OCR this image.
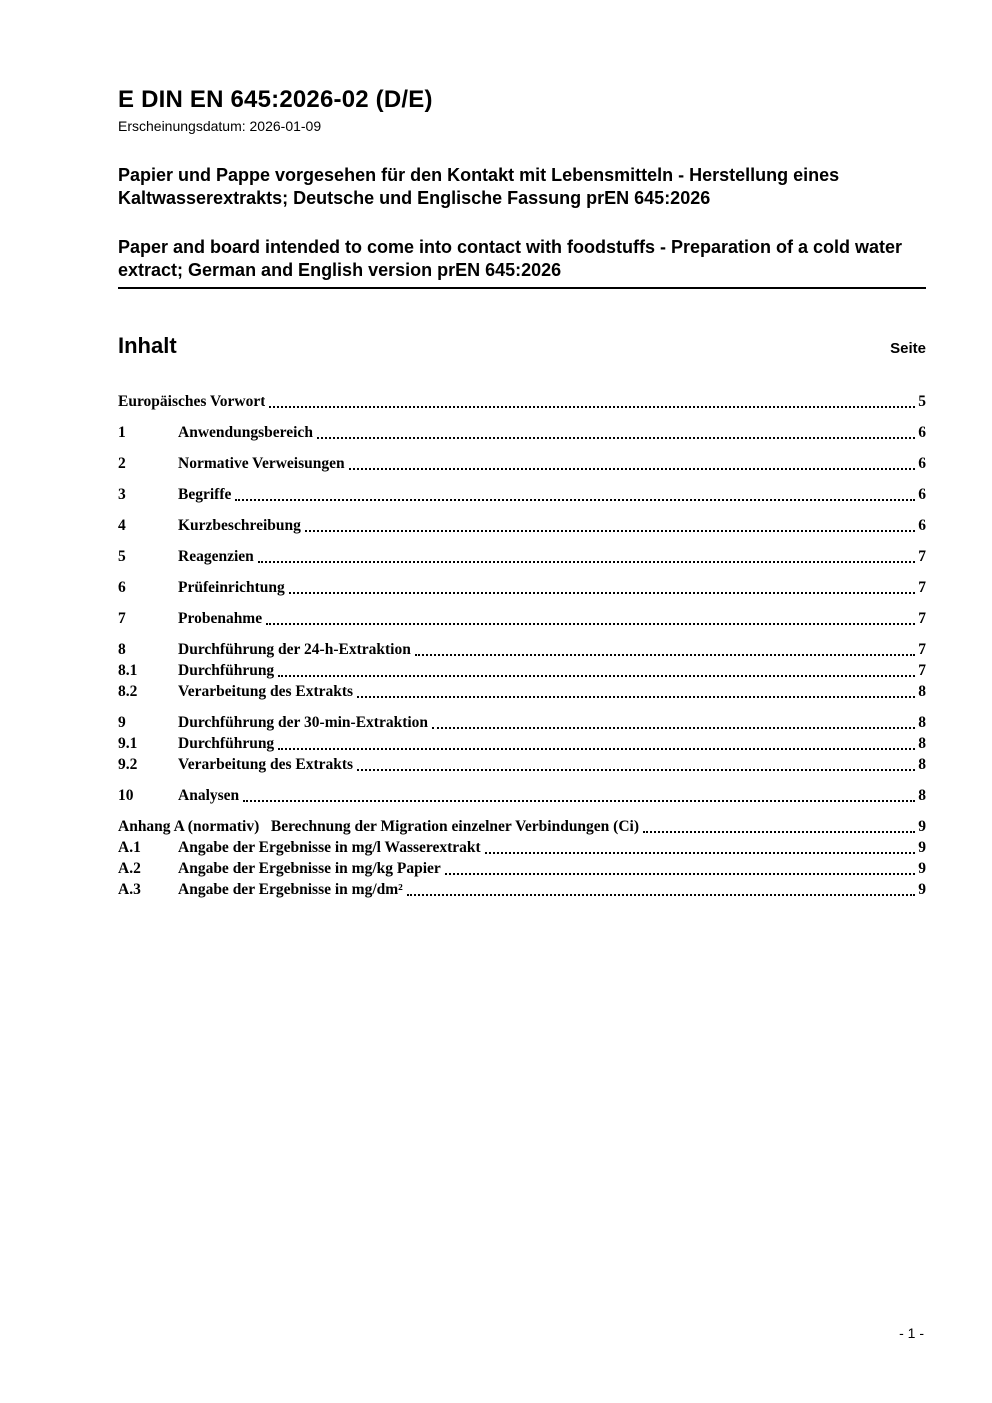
E DIN EN 645:2026-02 (D/E)

Erscheinungsdatum: 2026-01-09

Papier und Pappe vorgesehen für den Kontakt mit Lebensmitteln - Herstellung eines Kaltwasserextrakts; Deutsche und Englische Fassung prEN 645:2026

Paper and board intended to come into contact with foodstuffs - Preparation of a cold water extract; German and English version prEN 645:2026

Inhalt	Seite
Europäisches Vorwort	5
1	Anwendungsbereich	6
2	Normative Verweisungen	6
3	Begriffe	6
4	Kurzbeschreibung	6
5	Reagenzien	7
6	Prüfeinrichtung	7
7	Probenahme	7
8	Durchführung der 24-h-Extraktion	7
8.1	Durchführung	7
8.2	Verarbeitung des Extrakts	8
9	Durchführung der 30-min-Extraktion	8
9.1	Durchführung	8
9.2	Verarbeitung des Extrakts	8
10	Analysen	8
Anhang A (normativ)  Berechnung der Migration einzelner Verbindungen (Ci)	9
A.1	Angabe der Ergebnisse in mg/l Wasserextrakt	9
A.2	Angabe der Ergebnisse in mg/kg Papier	9
A.3	Angabe der Ergebnisse in mg/dm²	9
- 1 -
